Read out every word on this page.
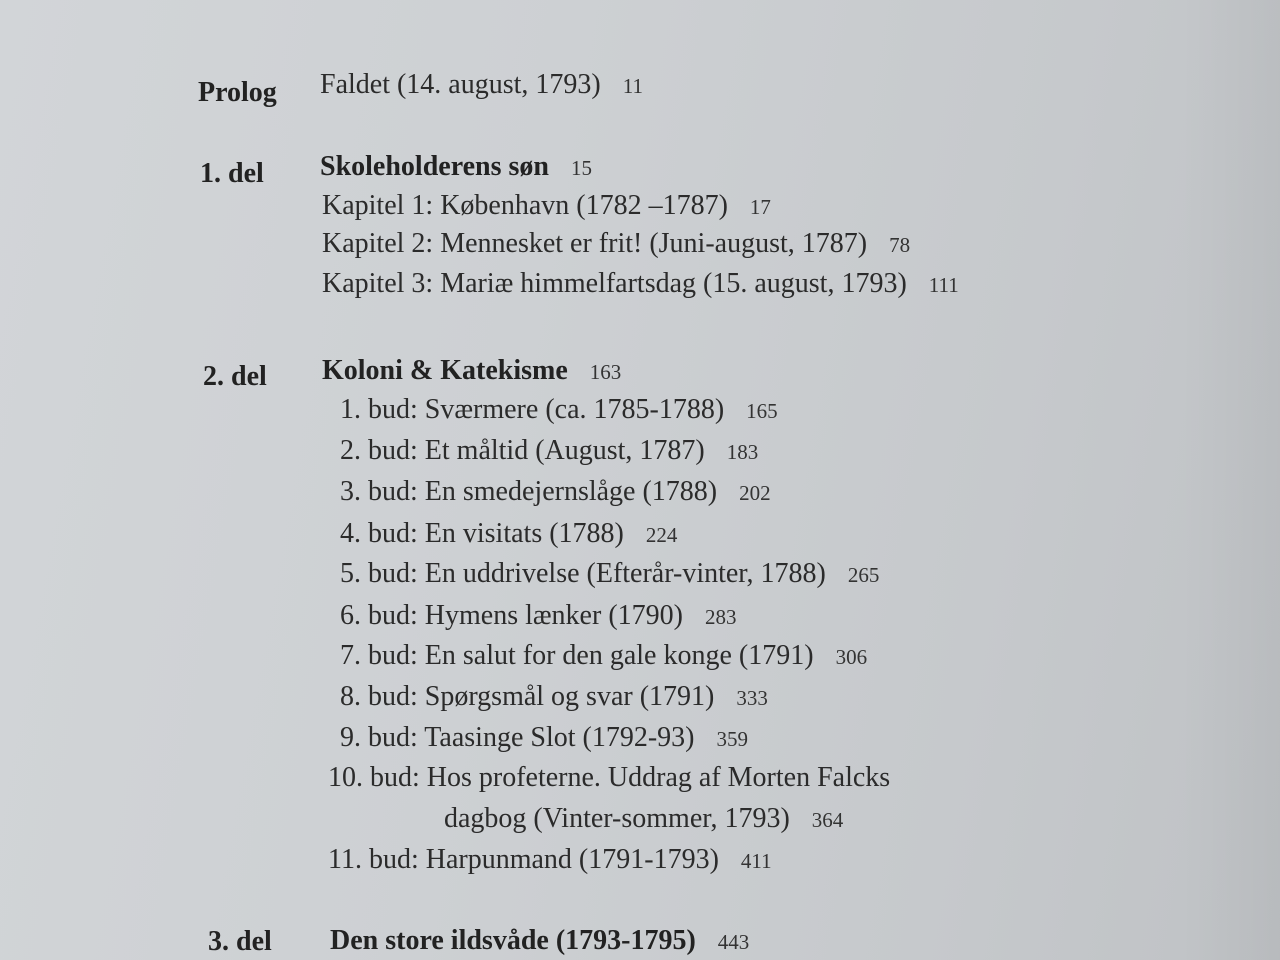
Prolog Faldet (14. august, 1793) 11
1. del Skoleholderens søn 15
Kapitel 1: København (1782 –1787) 17
Kapitel 2: Mennesket er frit! (Juni-august, 1787) 78
Kapitel 3: Mariæ himmelfartsdag (15. august, 1793) 111
2. del Koloni & Katekisme 163
1. bud: Sværmere (ca. 1785-1788) 165
2. bud: Et måltid (August, 1787) 183
3. bud: En smedejernslåge (1788) 202
4. bud: En visitats (1788) 224
5. bud: En uddrivelse (Efterår-vinter, 1788) 265
6. bud: Hymens lænker (1790) 283
7. bud: En salut for den gale konge (1791) 306
8. bud: Spørgsmål og svar (1791) 333
9. bud: Taasinge Slot (1792-93) 359
10. bud: Hos profeterne. Uddrag af Morten Falcks
dagbog (Vinter-sommer, 1793) 364
11. bud: Harpunmand (1791-1793) 411
3. del Den store ildsvåde (1793-1795) 443
